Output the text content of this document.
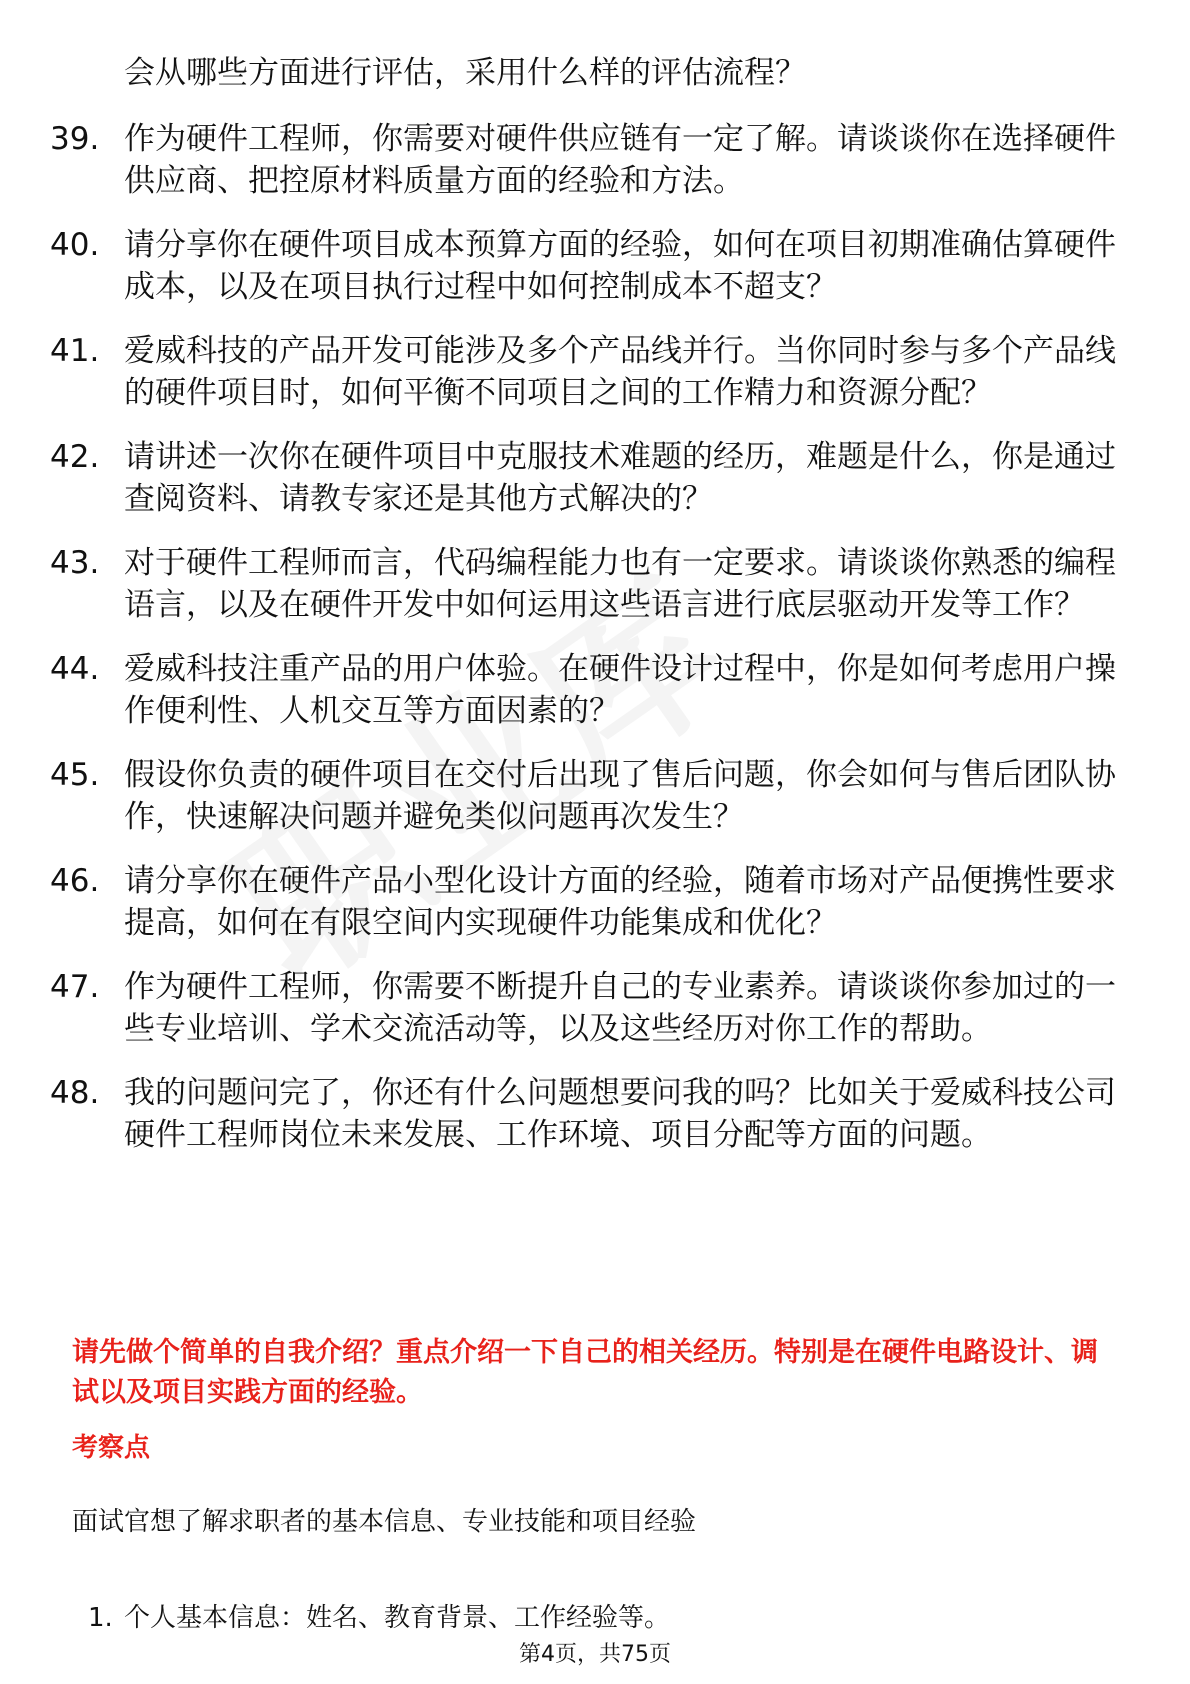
会从哪些方面进行评估，采用什么样的评估流程？
39. 作为硬件工程师，你需要对硬件供应链有一定了解。请谈谈你在选择硬件供应商、把控原材料质量方面的经验和方法。
40. 请分享你在硬件项目成本预算方面的经验，如何在项目初期准确估算硬件成本，以及在项目执行过程中如何控制成本不超支？
41. 爱威科技的产品开发可能涉及多个产品线并行。当你同时参与多个产品线的硬件项目时，如何平衡不同项目之间的工作精力和资源分配？
42. 请讲述一次你在硬件项目中克服技术难题的经历，难题是什么，你是通过查阅资料、请教专家还是其他方式解决的？
43. 对于硬件工程师而言，代码编程能力也有一定要求。请谈谈你熟悉的编程语言，以及在硬件开发中如何运用这些语言进行底层驱动开发等工作？
44. 爱威科技注重产品的用户体验。在硬件设计过程中，你是如何考虑用户操作便利性、人机交互等方面因素的？
45. 假设你负责的硬件项目在交付后出现了售后问题，你会如何与售后团队协作，快速解决问题并避免类似问题再次发生？
46. 请分享你在硬件产品小型化设计方面的经验，随着市场对产品便携性要求提高，如何在有限空间内实现硬件功能集成和优化？
47. 作为硬件工程师，你需要不断提升自己的专业素养。请谈谈你参加过的一些专业培训、学术交流活动等，以及这些经历对你工作的帮助。
48. 我的问题问完了，你还有什么问题想要问我的吗？比如关于爱威科技公司硬件工程师岗位未来发展、工作环境、项目分配等方面的问题。
请先做个简单的自我介绍？重点介绍一下自己的相关经历。特别是在硬件电路设计、调试以及项目实践方面的经验。
考察点
面试官想了解求职者的基本信息、专业技能和项目经验
1. 个人基本信息：姓名、教育背景、工作经验等。
第4页，共75页
